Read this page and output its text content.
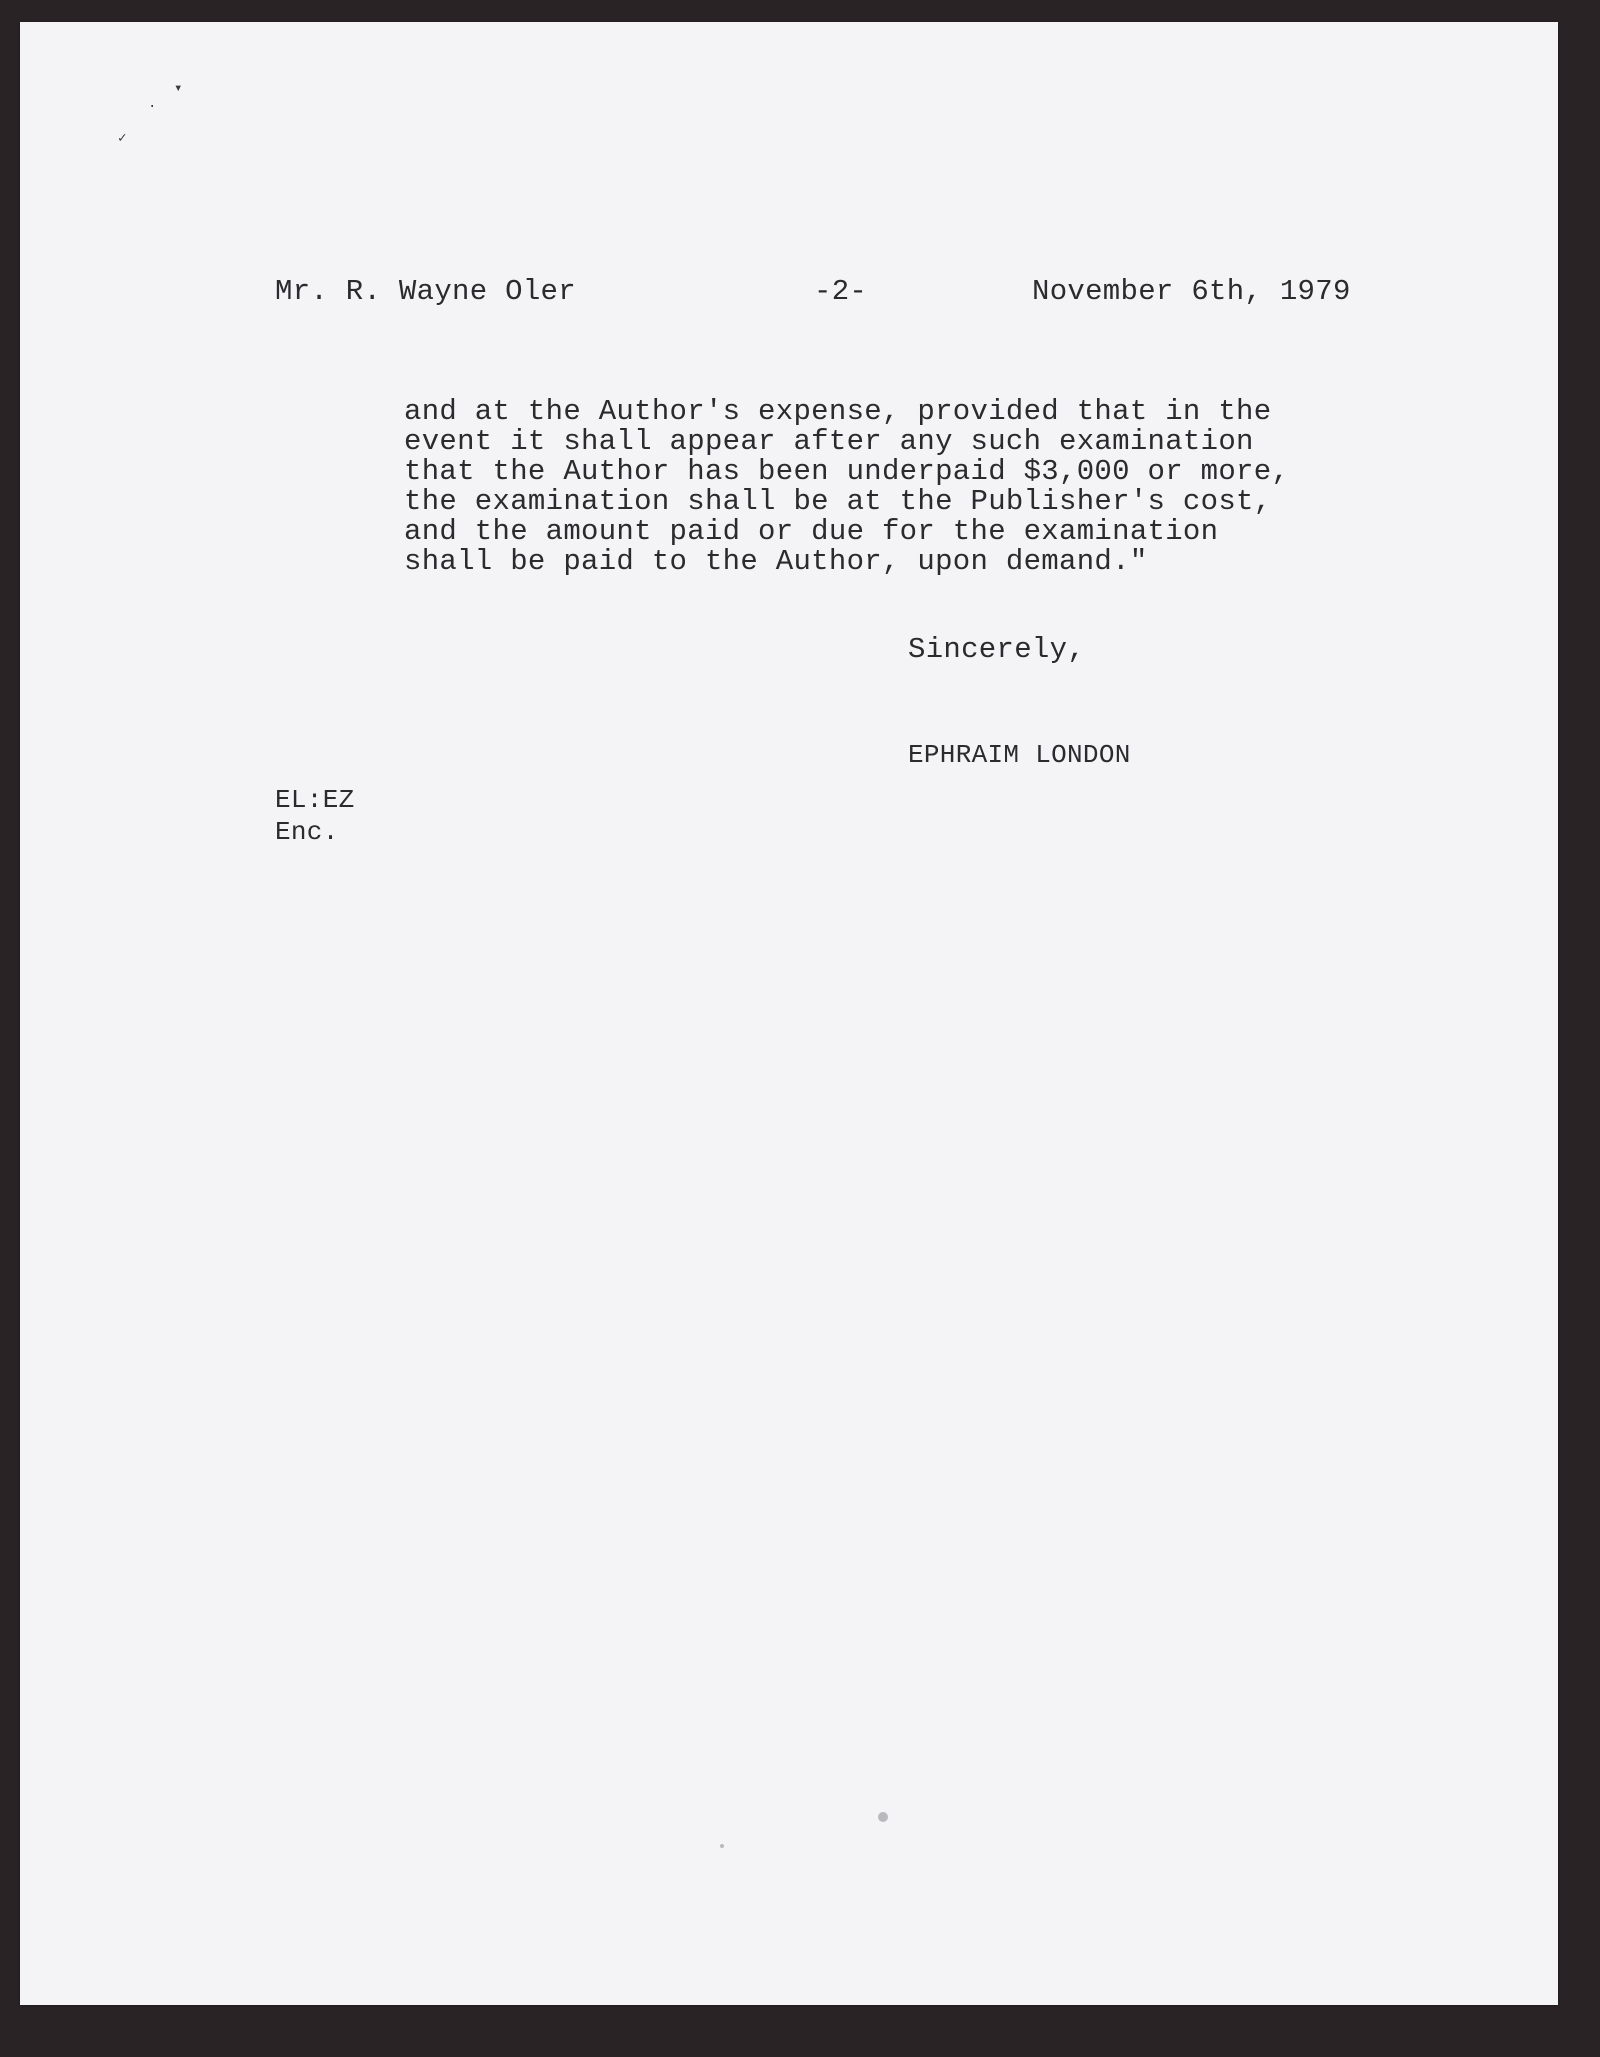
▾
·
✓
Mr. R. Wayne Oler	-2-	November 6th, 1979
and at the Author's expense, provided that in the
event it shall appear after any such examination
that the Author has been underpaid $3,000 or more,
the examination shall be at the Publisher's cost,
and the amount paid or due for the examination
shall be paid to the Author, upon demand."
Sincerely,
EPHRAIM LONDON
EL:EZ
Enc.
